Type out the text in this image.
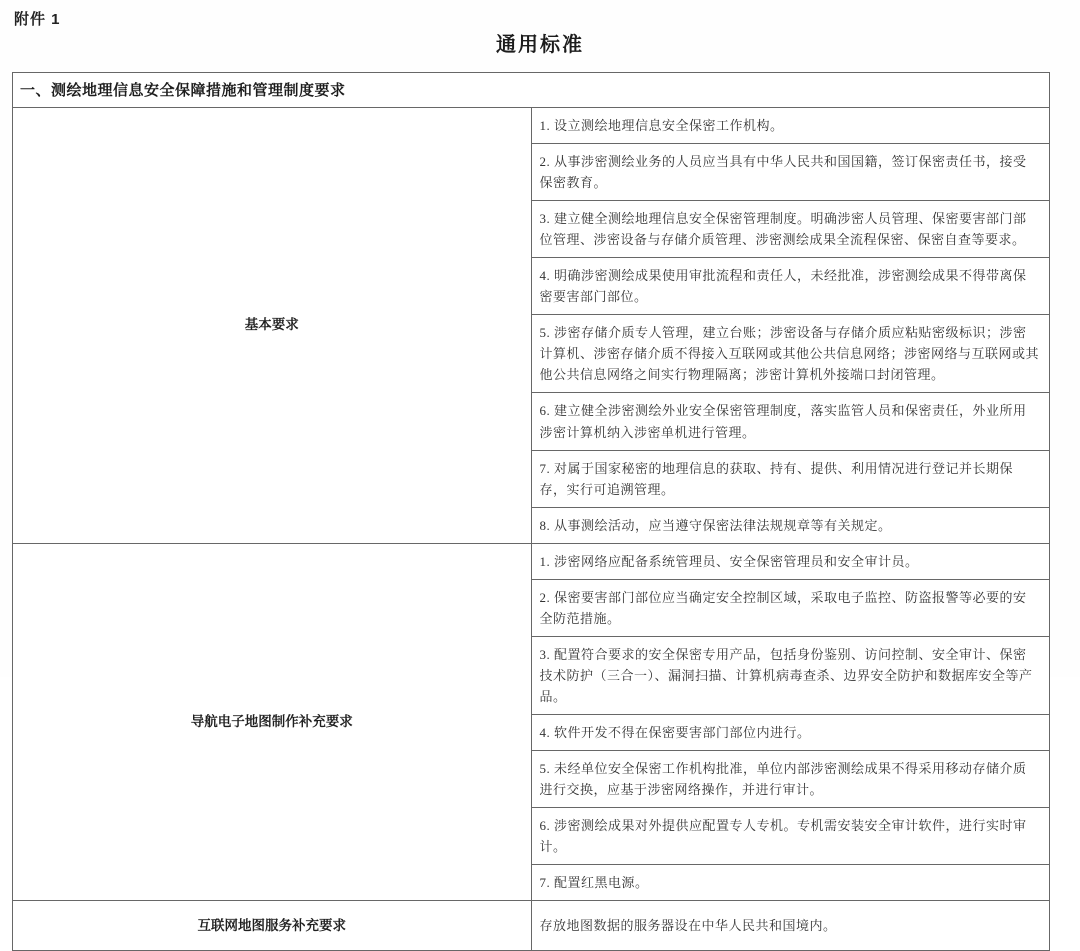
附件 1
通用标准
一、测绘地理信息安全保障措施和管理制度要求	
基本要求	1. 设立测绘地理信息安全保密工作机构。
	2. 从事涉密测绘业务的人员应当具有中华人民共和国国籍，签订保密责任书，接受保密教育。
	3. 建立健全测绘地理信息安全保密管理制度。明确涉密人员管理、保密要害部门部位管理、涉密设备与存储介质管理、涉密测绘成果全流程保密、保密自查等要求。
	4. 明确涉密测绘成果使用审批流程和责任人，未经批准，涉密测绘成果不得带离保密要害部门部位。
	5. 涉密存储介质专人管理，建立台账；涉密设备与存储介质应粘贴密级标识；涉密计算机、涉密存储介质不得接入互联网或其他公共信息网络；涉密网络与互联网或其他公共信息网络之间实行物理隔离；涉密计算机外接端口封闭管理。
	6. 建立健全涉密测绘外业安全保密管理制度，落实监管人员和保密责任，外业所用涉密计算机纳入涉密单机进行管理。
	7. 对属于国家秘密的地理信息的获取、持有、提供、利用情况进行登记并长期保存，实行可追溯管理。
	8. 从事测绘活动，应当遵守保密法律法规规章等有关规定。
导航电子地图制作补充要求	1. 涉密网络应配备系统管理员、安全保密管理员和安全审计员。
	2. 保密要害部门部位应当确定安全控制区域，采取电子监控、防盗报警等必要的安全防范措施。
	3. 配置符合要求的安全保密专用产品，包括身份鉴别、访问控制、安全审计、保密技术防护（三合一）、漏洞扫描、计算机病毒查杀、边界安全防护和数据库安全等产品。
	4. 软件开发不得在保密要害部门部位内进行。
	5. 未经单位安全保密工作机构批准，单位内部涉密测绘成果不得采用移动存储介质进行交换，应基于涉密网络操作，并进行审计。
	6. 涉密测绘成果对外提供应配置专人专机。专机需安装安全审计软件，进行实时审计。
	7. 配置红黑电源。
互联网地图服务补充要求	存放地图数据的服务器设在中华人民共和国境内。
